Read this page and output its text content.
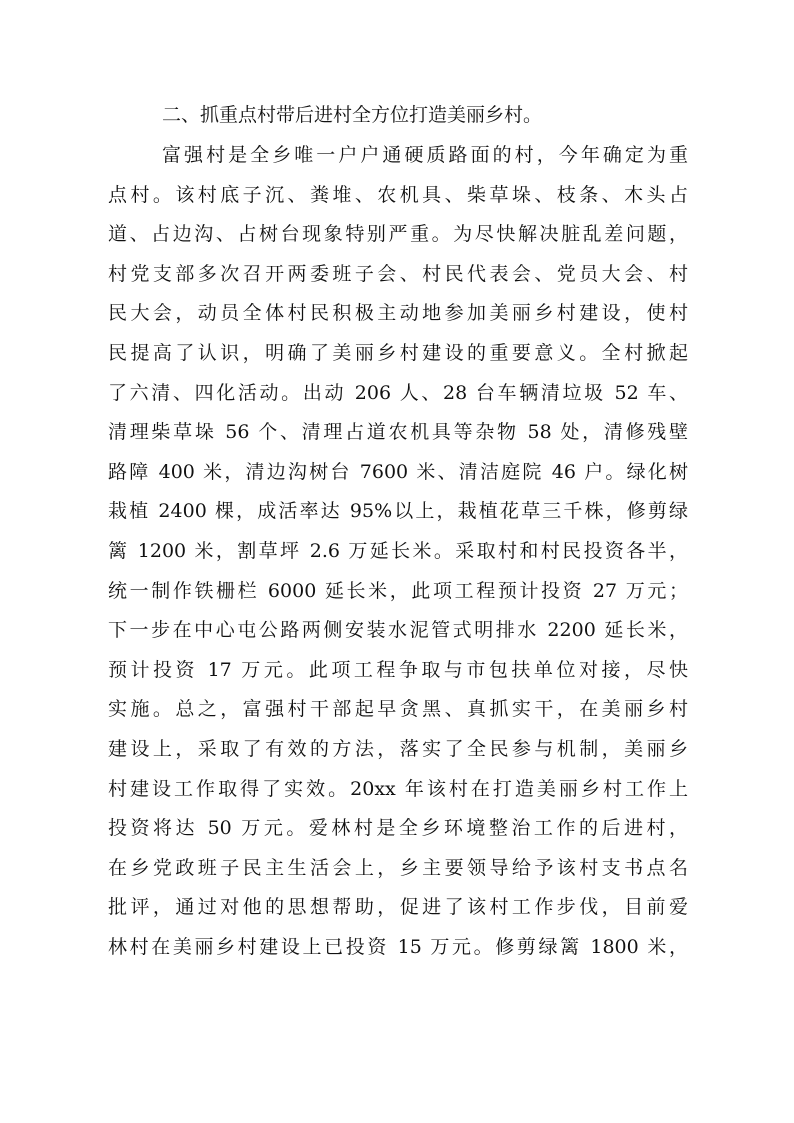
二、抓重点村带后进村全方位打造美丽乡村。

富强村是全乡唯一户户通硬质路面的村，今年确定为重

点村。该村底子沉、粪堆、农机具、柴草垛、枝条、木头占

道、占边沟、占树台现象特别严重。为尽快解决脏乱差问题，

村党支部多次召开两委班子会、村民代表会、党员大会、村

民大会，动员全体村民积极主动地参加美丽乡村建设，使村

民提高了认识，明确了美丽乡村建设的重要意义。全村掀起

了六清、四化活动。出动 206 人、28 台车辆清垃圾 52 车、

清理柴草垛 56 个、清理占道农机具等杂物 58 处，清修残壁

路障 400 米，清边沟树台 7600 米、清洁庭院 46 户。绿化树

栽植 2400 棵，成活率达 95%以上，栽植花草三千株，修剪绿

篱 1200 米，割草坪 2.6 万延长米。采取村和村民投资各半，

统一制作铁栅栏 6000 延长米，此项工程预计投资 27 万元；

下一步在中心屯公路两侧安装水泥管式明排水 2200 延长米，

预计投资 17 万元。此项工程争取与市包扶单位对接，尽快

实施。总之，富强村干部起早贪黑、真抓实干，在美丽乡村

建设上，采取了有效的方法，落实了全民参与机制，美丽乡

村建设工作取得了实效。20xx 年该村在打造美丽乡村工作上

投资将达 50 万元。爱林村是全乡环境整治工作的后进村，

在乡党政班子民主生活会上，乡主要领导给予该村支书点名

批评，通过对他的思想帮助，促进了该村工作步伐，目前爱

林村在美丽乡村建设上已投资 15 万元。修剪绿篱 1800 米，
